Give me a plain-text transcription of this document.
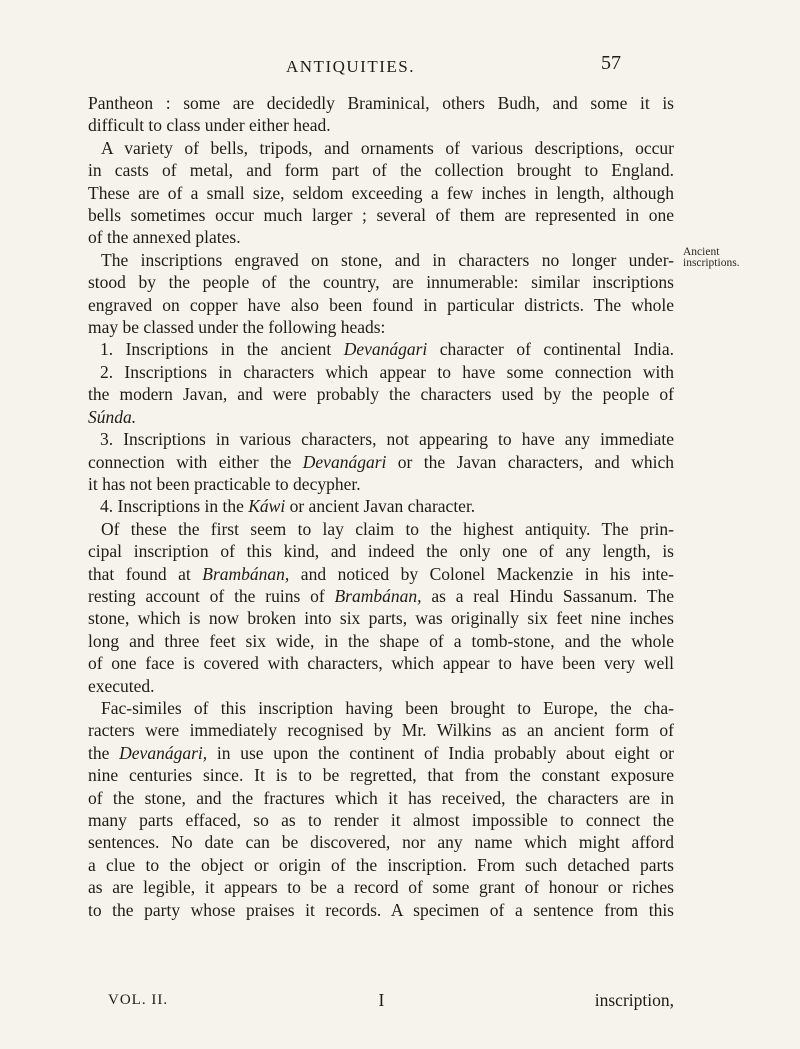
ANTIQUITIES.	57
Pantheon : some are decidedly Braminical, others Budh, and some it is
difficult to class under either head.
A variety of bells, tripods, and ornaments of various descriptions, occur
in casts of metal, and form part of the collection brought to England.
These are of a small size, seldom exceeding a few inches in length, although
bells sometimes occur much larger ; several of them are represented in one
of the annexed plates.
The inscriptions engraved on stone, and in characters no longer under-
stood by the people of the country, are innumerable: similar inscriptions
engraved on copper have also been found in particular districts. The whole
may be classed under the following heads:
1. Inscriptions in the ancient Devanágari character of continental India.
2. Inscriptions in characters which appear to have some connection with
the modern Javan, and were probably the characters used by the people of
Súnda.
3. Inscriptions in various characters, not appearing to have any immediate
connection with either the Devanágari or the Javan characters, and which
it has not been practicable to decypher.
4. Inscriptions in the Káwi or ancient Javan character.
Of these the first seem to lay claim to the highest antiquity. The prin-
cipal inscription of this kind, and indeed the only one of any length, is
that found at Brambánan, and noticed by Colonel Mackenzie in his inte-
resting account of the ruins of Brambánan, as a real Hindu Sassanum. The
stone, which is now broken into six parts, was originally six feet nine inches
long and three feet six wide, in the shape of a tomb-stone, and the whole
of one face is covered with characters, which appear to have been very well
executed.
Fac-similes of this inscription having been brought to Europe, the cha-
racters were immediately recognised by Mr. Wilkins as an ancient form of
the Devanágari, in use upon the continent of India probably about eight or
nine centuries since. It is to be regretted, that from the constant exposure
of the stone, and the fractures which it has received, the characters are in
many parts effaced, so as to render it almost impossible to connect the
sentences. No date can be discovered, nor any name which might afford
a clue to the object or origin of the inscription. From such detached parts
as are legible, it appears to be a record of some grant of honour or riches
to the party whose praises it records. A specimen of a sentence from this
Ancient
inscriptions.
VOL. II.	I	inscription,
